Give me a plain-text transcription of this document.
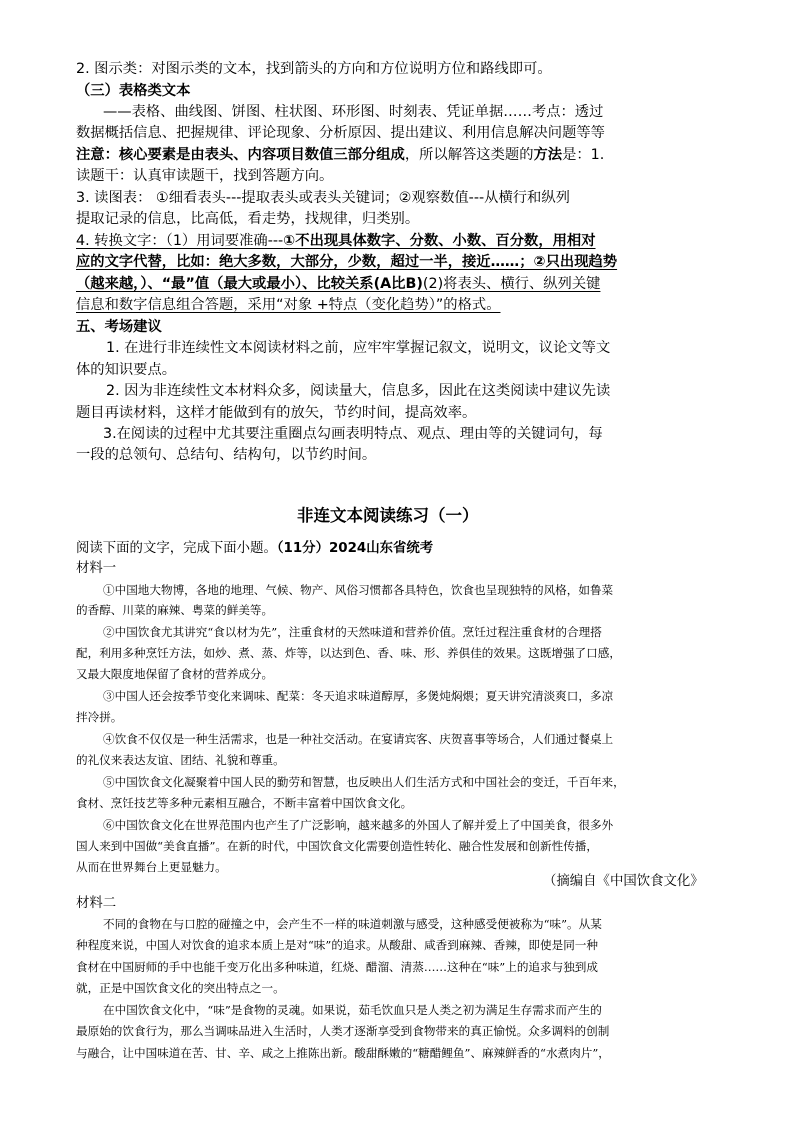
2. 图示类：对图示类的文本，找到箭头的方向和方位说明方位和路线即可。
（三）表格类文本
——表格、曲线图、饼图、柱状图、环形图、时刻表、凭证单据……考点：透过
数据概括信息、把握规律、评论现象、分析原因、提出建议、利用信息解决问题等等
注意：核心要素是由表头、内容项目数值三部分组成，所以解答这类题的方法是：1.
读题干：认真审读题干，找到答题方向。
3. 读图表： ①细看表头---提取表头或表头关键词；②观察数值---从横行和纵列
提取记录的信息，比高低，看走势，找规律，归类别。
4. 转换文字：（1）用词要准确---①不出现具体数字、分数、小数、百分数，用相对
应的文字代替，比如：绝大多数，大部分，少数，超过一半，接近……；②只出现趋势
（越来越，）、“最”值（最大或最小）、比较关系(A比B)(2)将表头、横行、纵列关键
信息和数字信息组合答题，采用“对象 +特点（变化趋势）”的格式。
五、考场建议
1. 在进行非连续性文本阅读材料之前，应牢牢掌握记叙文，说明文，议论文等文
体的知识要点。
2. 因为非连续性文本材料众多，阅读量大，信息多，因此在这类阅读中建议先读
题目再读材料，这样才能做到有的放矢，节约时间，提高效率。
3.在阅读的过程中尤其要注重圈点勾画表明特点、观点、理由等的关键词句，每
一段的总领句、总结句、结构句，以节约时间。
非连文本阅读练习（一）
阅读下面的文字，完成下面小题。（11分）2024山东省统考
材料一
①中国地大物博，各地的地理、气候、物产、风俗习惯都各具特色，饮食也呈现独特的风格，如鲁菜
的香醇、川菜的麻辣、粤菜的鲜美等。
②中国饮食尤其讲究“食以材为先”，注重食材的天然味道和营养价值。烹饪过程注重食材的合理搭
配，利用多种烹饪方法，如炒、煮、蒸、炸等，以达到色、香、味、形、养俱佳的效果。这既增强了口感，
又最大限度地保留了食材的营养成分。
③中国人还会按季节变化来调味、配菜：冬天追求味道醇厚，多煲炖焖煨；夏天讲究清淡爽口，多凉
拌冷拼。
④饮食不仅仅是一种生活需求，也是一种社交活动。在宴请宾客、庆贺喜事等场合，人们通过餐桌上
的礼仪来表达友谊、团结、礼貌和尊重。
⑤中国饮食文化凝聚着中国人民的勤劳和智慧，也反映出人们生活方式和中国社会的变迁，千百年来，
食材、烹饪技艺等多种元素相互融合，不断丰富着中国饮食文化。
⑥中国饮食文化在世界范围内也产生了广泛影响，越来越多的外国人了解并爱上了中国美食，很多外
国人来到中国做“美食直播”。在新的时代，中国饮食文化需要创造性转化、融合性发展和创新性传播，
从而在世界舞台上更显魅力。
（摘编自《中国饮食文化》
材料二
不同的食物在与口腔的碰撞之中，会产生不一样的味道刺激与感受，这种感受便被称为“味”。从某
种程度来说，中国人对饮食的追求本质上是对“味”的追求。从酸甜、咸香到麻辣、香辣，即使是同一种
食材在中国厨师的手中也能千变万化出多种味道，红烧、醋溜、清蒸……这种在“味”上的追求与独到成
就，正是中国饮食文化的突出特点之一。
在中国饮食文化中，“味”是食物的灵魂。如果说，茹毛饮血只是人类之初为满足生存需求而产生的
最原始的饮食行为，那么当调味品进入生活时，人类才逐渐享受到食物带来的真正愉悦。众多调料的创制
与融合，让中国味道在苦、甘、辛、咸之上推陈出新。酸甜酥嫩的“糖醋鲤鱼”、麻辣鲜香的“水煮肉片”，
